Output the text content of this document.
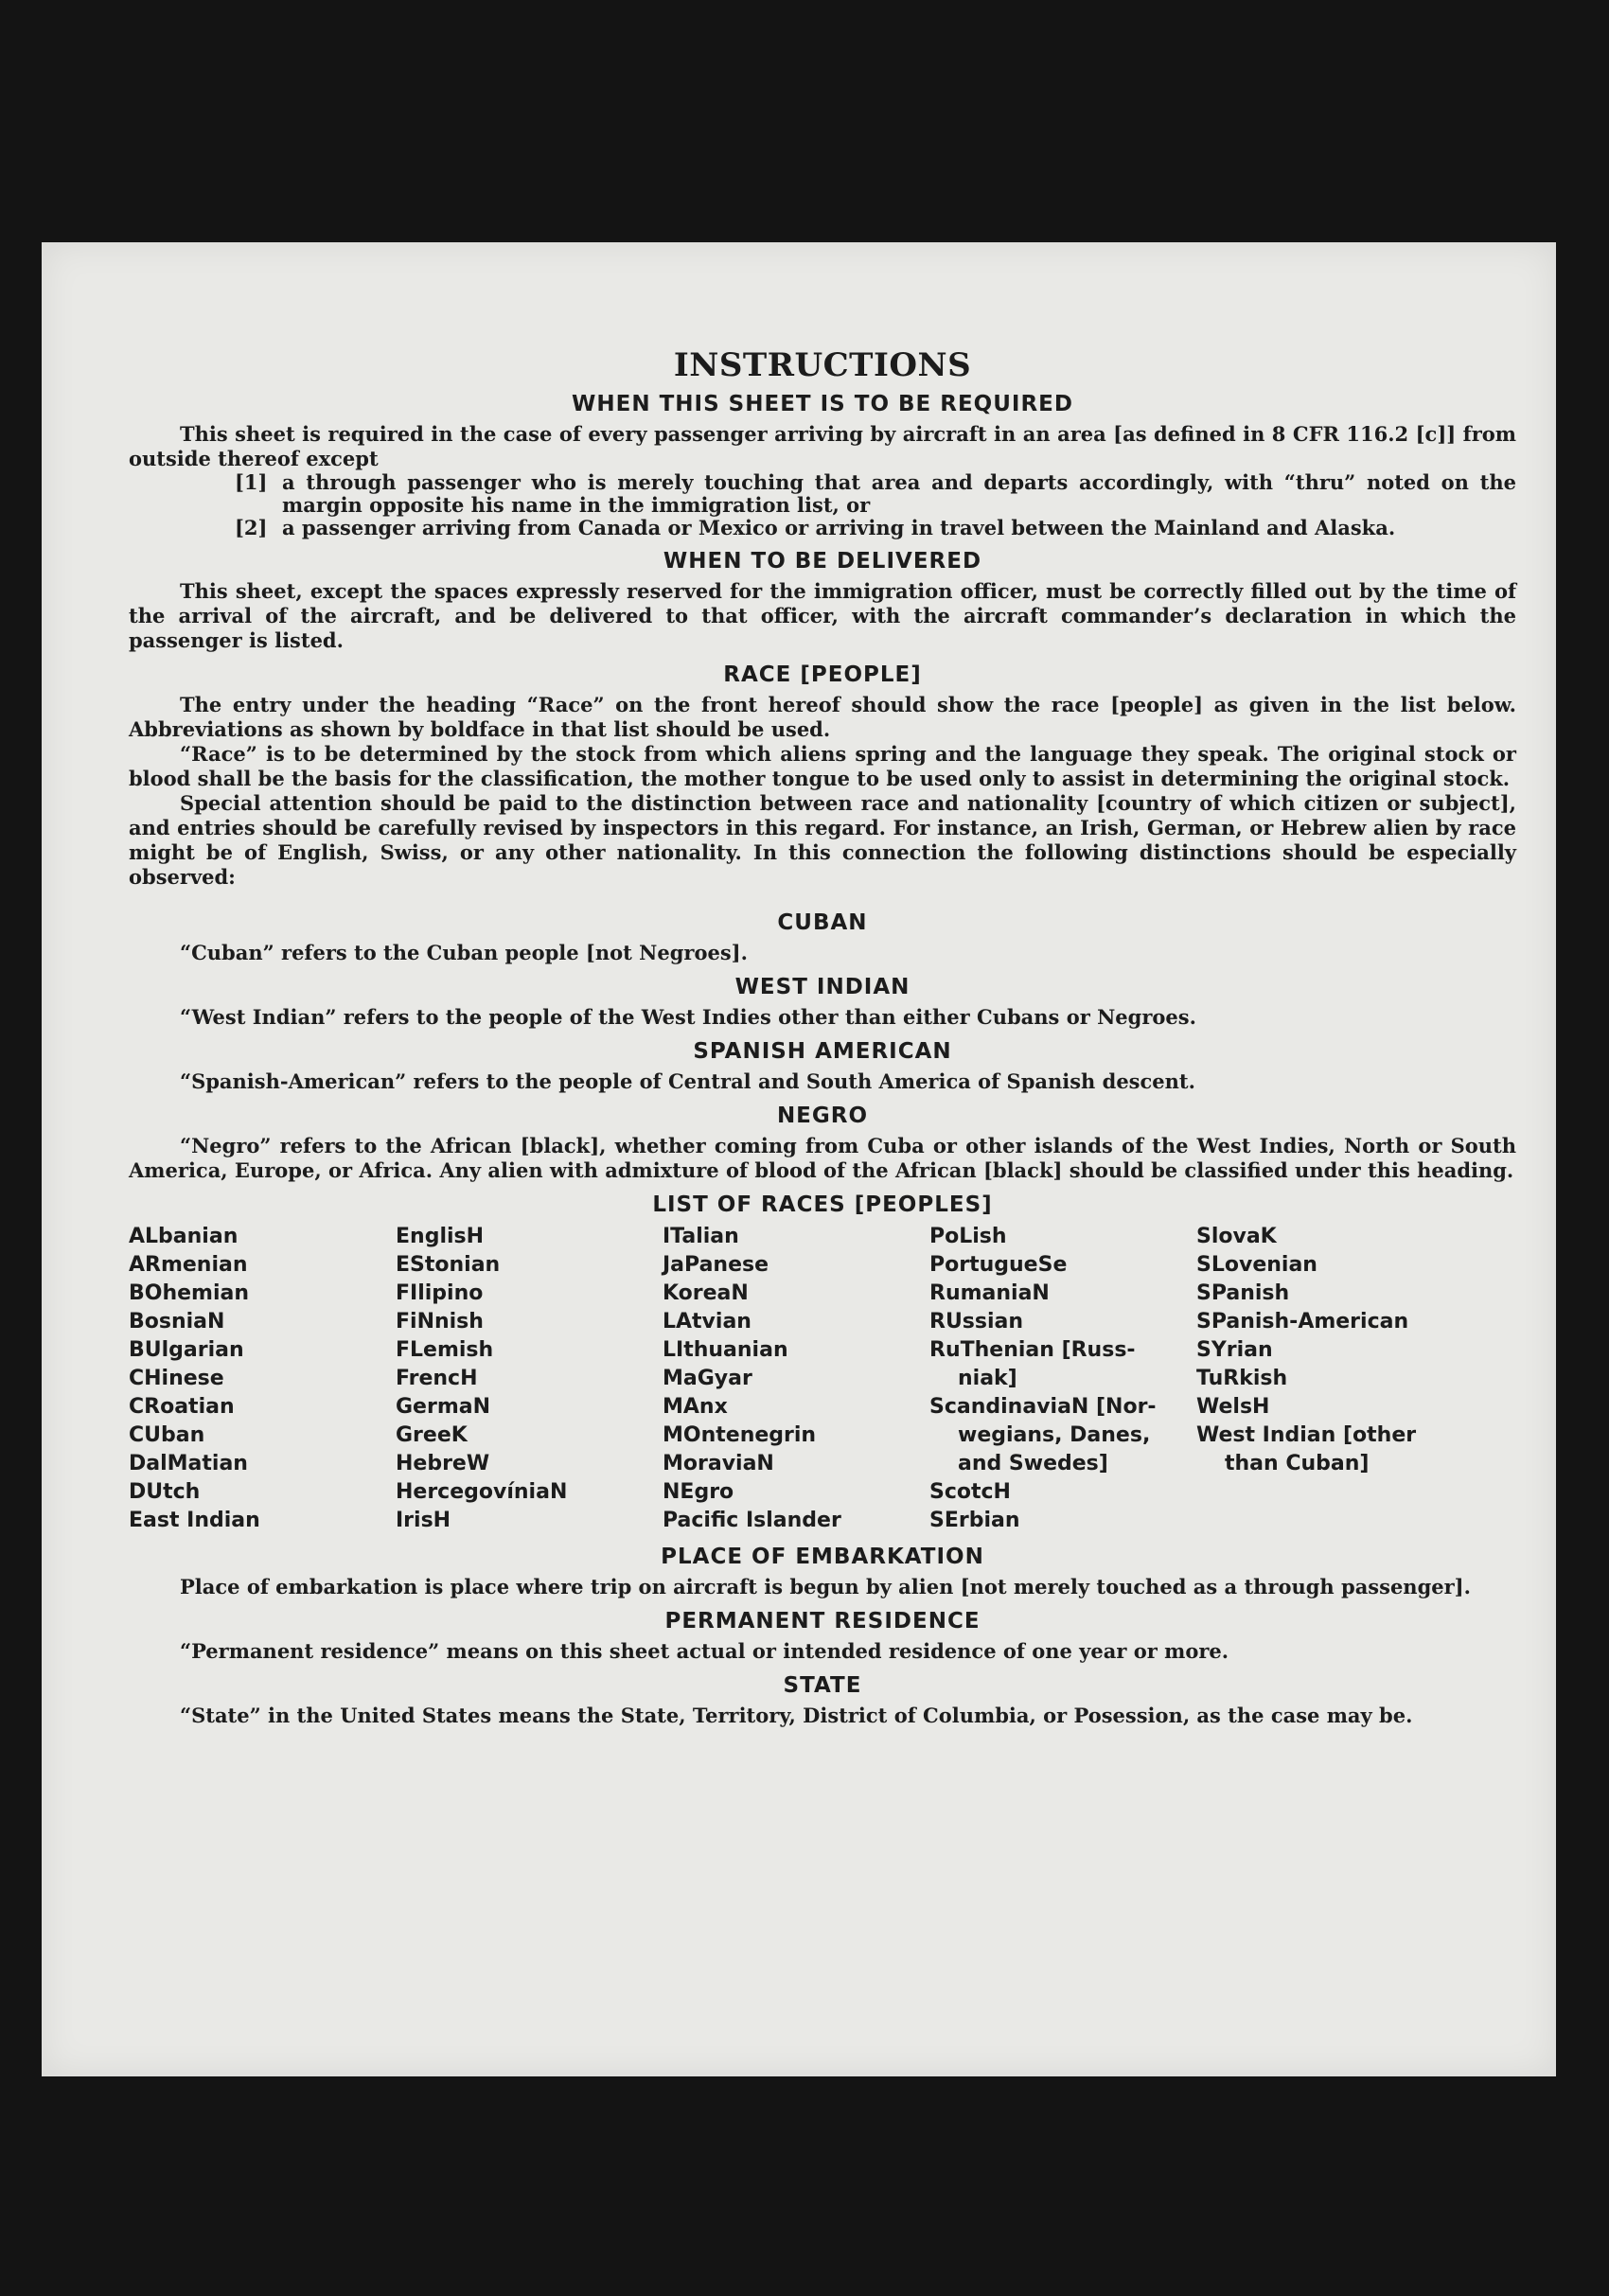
INSTRUCTIONS
WHEN THIS SHEET IS TO BE REQUIRED

This sheet is required in the case of every passenger arriving by aircraft in an area [as defined in 8 CFR 116.2 [c]] from outside thereof except

[1] a through passenger who is merely touching that area and departs accordingly, with “thru” noted on the margin opposite his name in the immigration list, or
[2] a passenger arriving from Canada or Mexico or arriving in travel between the Mainland and Alaska.
WHEN TO BE DELIVERED

This sheet, except the spaces expressly reserved for the immigration officer, must be correctly filled out by the time of the arrival of the aircraft, and be delivered to that officer, with the aircraft commander’s declaration in which the passenger is listed.

RACE [PEOPLE]

The entry under the heading “Race” on the front hereof should show the race [people] as given in the list below. Abbreviations as shown by boldface in that list should be used.

“Race” is to be determined by the stock from which aliens spring and the language they speak. The original stock or blood shall be the basis for the classification, the mother tongue to be used only to assist in determining the original stock.

Special attention should be paid to the distinction between race and nationality [country of which citizen or subject], and entries should be carefully revised by inspectors in this regard. For instance, an Irish, German, or Hebrew alien by race might be of English, Swiss, or any other nationality. In this connection the following distinctions should be especially observed:

CUBAN

“Cuban” refers to the Cuban people [not Negroes].

WEST INDIAN

“West Indian” refers to the people of the West Indies other than either Cubans or Negroes.

SPANISH AMERICAN

“Spanish-American” refers to the people of Central and South America of Spanish descent.

NEGRO

“Negro” refers to the African [black], whether coming from Cuba or other islands of the West Indies, North or South America, Europe, or Africa. Any alien with admixture of blood of the African [black] should be classified under this heading.

LIST OF RACES [PEOPLES]
ALbanian
ARmenian
BOhemian
BosniaN
BUlgarian
CHinese
CRoatian
CUban
DalMatian
DUtch
East Indian
EnglisH
EStonian
FIlipino
FiNnish
FLemish
FrencH
GermaN
GreeK
HebreW
HercegovíniaN
IrisH
ITalian
JaPanese
KoreaN
LAtvian
LIthuanian
MaGyar
MAnx
MOntenegrin
MoraviaN
NEgro
Pacific Islander
PoLish
PortugueSe
RumaniaN
RUssian
RuThenian [Russ-
niak]
ScandinaviaN [Nor-
wegians, Danes,
and Swedes]
ScotcH
SErbian
SlovaK
SLovenian
SPanish
SPanish-American
SYrian
TuRkish
WelsH
West Indian [other
than Cuban]
PLACE OF EMBARKATION

Place of embarkation is place where trip on aircraft is begun by alien [not merely touched as a through passenger].

PERMANENT RESIDENCE

“Permanent residence” means on this sheet actual or intended residence of one year or more.

STATE

“State” in the United States means the State, Territory, District of Columbia, or Posession, as the case may be.
